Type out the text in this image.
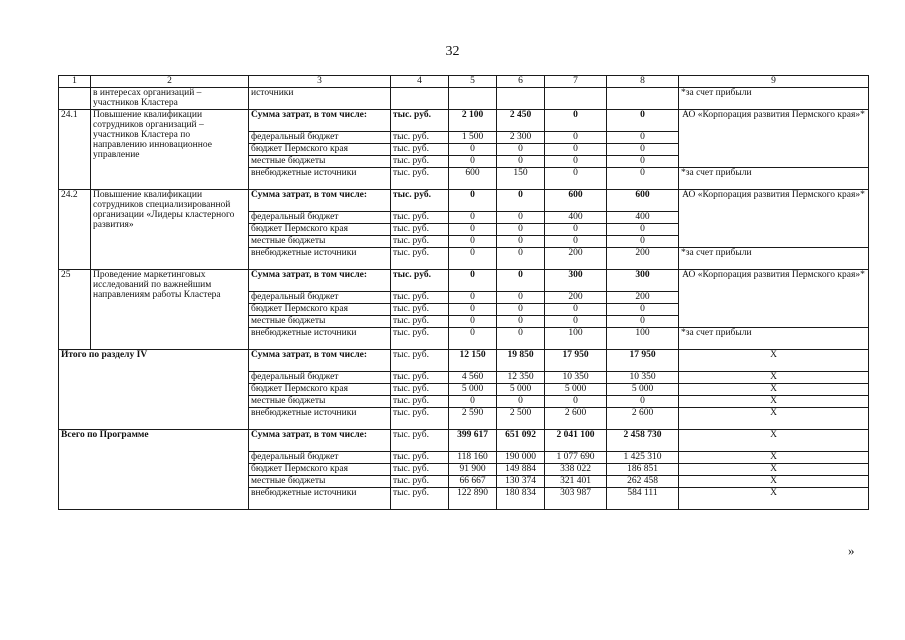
32
1	2	3	4	5	6	7	8	9
	в интересах организаций – участников Кластера	источники						*за счет прибыли
24.1	Повышение квалификации сотрудников организаций – участников Кластера по направлению инновационное управление	Сумма затрат, в том числе:	тыс. руб.	2 100	2 450	0	0	АО «Корпорация развития Пермского края»*
		федеральный бюджет	тыс. руб.	1 500	2 300	0	0	
		бюджет Пермского края	тыс. руб.	0	0	0	0	
		местные бюджеты	тыс. руб.	0	0	0	0	
		внебюджетные источники	тыс. руб.	600	150	0	0	*за счет прибыли
24.2	Повышение квалификации сотрудников специализированной организации «Лидеры кластерного развития»	Сумма затрат, в том числе:	тыс. руб.	0	0	600	600	АО «Корпорация развития Пермского края»*
		федеральный бюджет	тыс. руб.	0	0	400	400	
		бюджет Пермского края	тыс. руб.	0	0	0	0	
		местные бюджеты	тыс. руб.	0	0	0	0	
		внебюджетные источники	тыс. руб.	0	0	200	200	*за счет прибыли
25	Проведение маркетинговых исследований по важнейшим направлениям работы Кластера	Сумма затрат, в том числе:	тыс. руб.	0	0	300	300	АО «Корпорация развития Пермского края»*
		федеральный бюджет	тыс. руб.	0	0	200	200	
		бюджет Пермского края	тыс. руб.	0	0	0	0	
		местные бюджеты	тыс. руб.	0	0	0	0	
		внебюджетные источники	тыс. руб.	0	0	100	100	*за счет прибыли
Итого по разделу IV		Сумма затрат, в том числе:	тыс. руб.	12 150	19 850	17 950	17 950	X
		федеральный бюджет	тыс. руб.	4 560	12 350	10 350	10 350	X
		бюджет Пермского края	тыс. руб.	5 000	5 000	5 000	5 000	X
		местные бюджеты	тыс. руб.	0	0	0	0	X
		внебюджетные источники	тыс. руб.	2 590	2 500	2 600	2 600	X
Всего по Программе		Сумма затрат, в том числе:	тыс. руб.	399 617	651 092	2 041 100	2 458 730	X
		федеральный бюджет	тыс. руб.	118 160	190 000	1 077 690	1 425 310	X
		бюджет Пермского края	тыс. руб.	91 900	149 884	338 022	186 851	X
		местные бюджеты	тыс. руб.	66 667	130 374	321 401	262 458	X
		внебюджетные источники	тыс. руб.	122 890	180 834	303 987	584 111	X
»
